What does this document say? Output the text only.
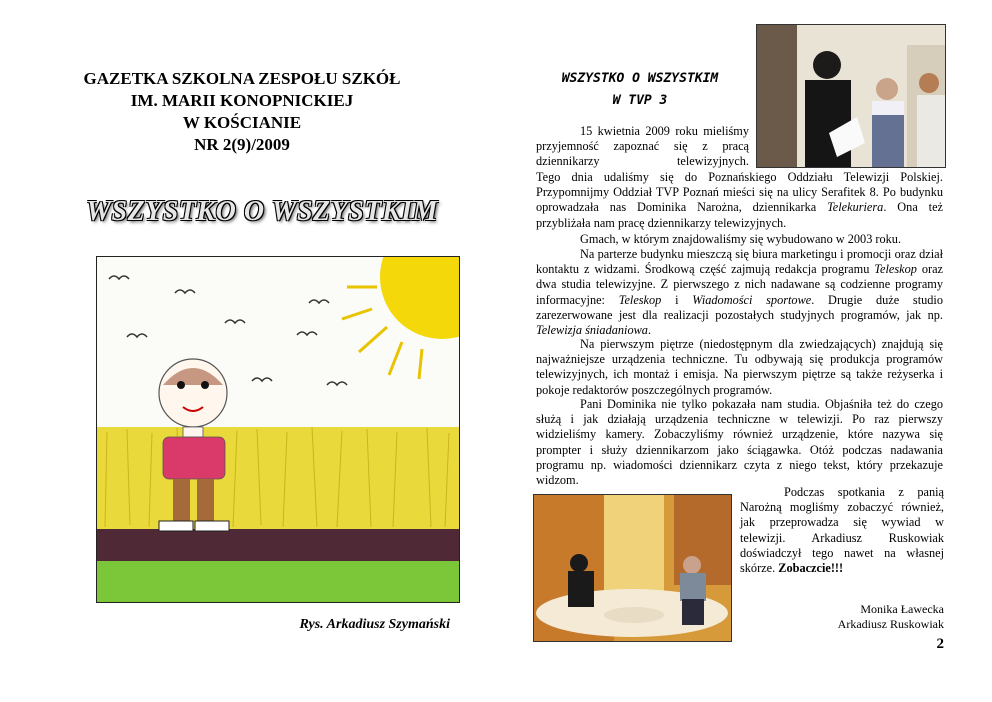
GAZETKA SZKOLNA ZESPOŁU SZKÓŁ
IM. MARII KONOPNICKIEJ
W KOŚCIANIE
NR 2(9)/2009
WSZYSTKO O WSZYSTKIM
Rys. Arkadiusz Szymański
WSZYSTKO O WSZYSTKIM
W TVP 3

15 kwietnia 2009 roku mieliśmy przyjemność zapoznać się z pracą dziennikarzy telewizyjnych.

Tego dnia udaliśmy się do Poznańskiego Oddziału Telewizji Polskiej. Przypomnijmy Oddział TVP Poznań mieści się na ulicy Serafitek 8. Po budynku oprowadzała nas Dominika Narożna, dziennikarka Telekuriera. Ona też przybliżała nam pracę dziennikarzy telewizyjnych.

Gmach, w którym znajdowaliśmy się wybudowano w 2003 roku.

Na parterze budynku mieszczą się biura marketingu i promocji oraz dział kontaktu z widzami. Środkową część zajmują redakcja programu Teleskop oraz dwa studia telewizyjne. Z pierwszego z nich nadawane są codzienne programy informacyjne: Teleskop i Wiadomości sportowe. Drugie duże studio zarezerwowane jest dla realizacji pozostałych studyjnych programów, jak np. Telewizja śniadaniowa.

Na pierwszym piętrze (niedostępnym dla zwiedzających) znajdują się najważniejsze urządzenia techniczne. Tu odbywają się produkcja programów telewizyjnych, ich montaż i emisja. Na pierwszym piętrze są także reżyserka i pokoje redaktorów poszczególnych programów.

Pani Dominika nie tylko pokazała nam studia. Objaśniła też do czego służą i jak działają urządzenia techniczne w telewizji. Po raz pierwszy widzieliśmy kamery. Zobaczyliśmy również urządzenie, które nazywa się prompter i służy dziennikarzom jako ściągawka. Otóż podczas nadawania programu np. wiadomości dziennikarz czyta z niego tekst, który przekazuje widzom.

Podczas spotkania z panią Narożną mogliśmy zobaczyć również, jak przeprowadza się wywiad w telewizji. Arkadiusz Ruskowiak doświadczył tego nawet na własnej skórze. Zobaczcie!!!

Monika Ławecka
Arkadiusz Ruskowiak
2
